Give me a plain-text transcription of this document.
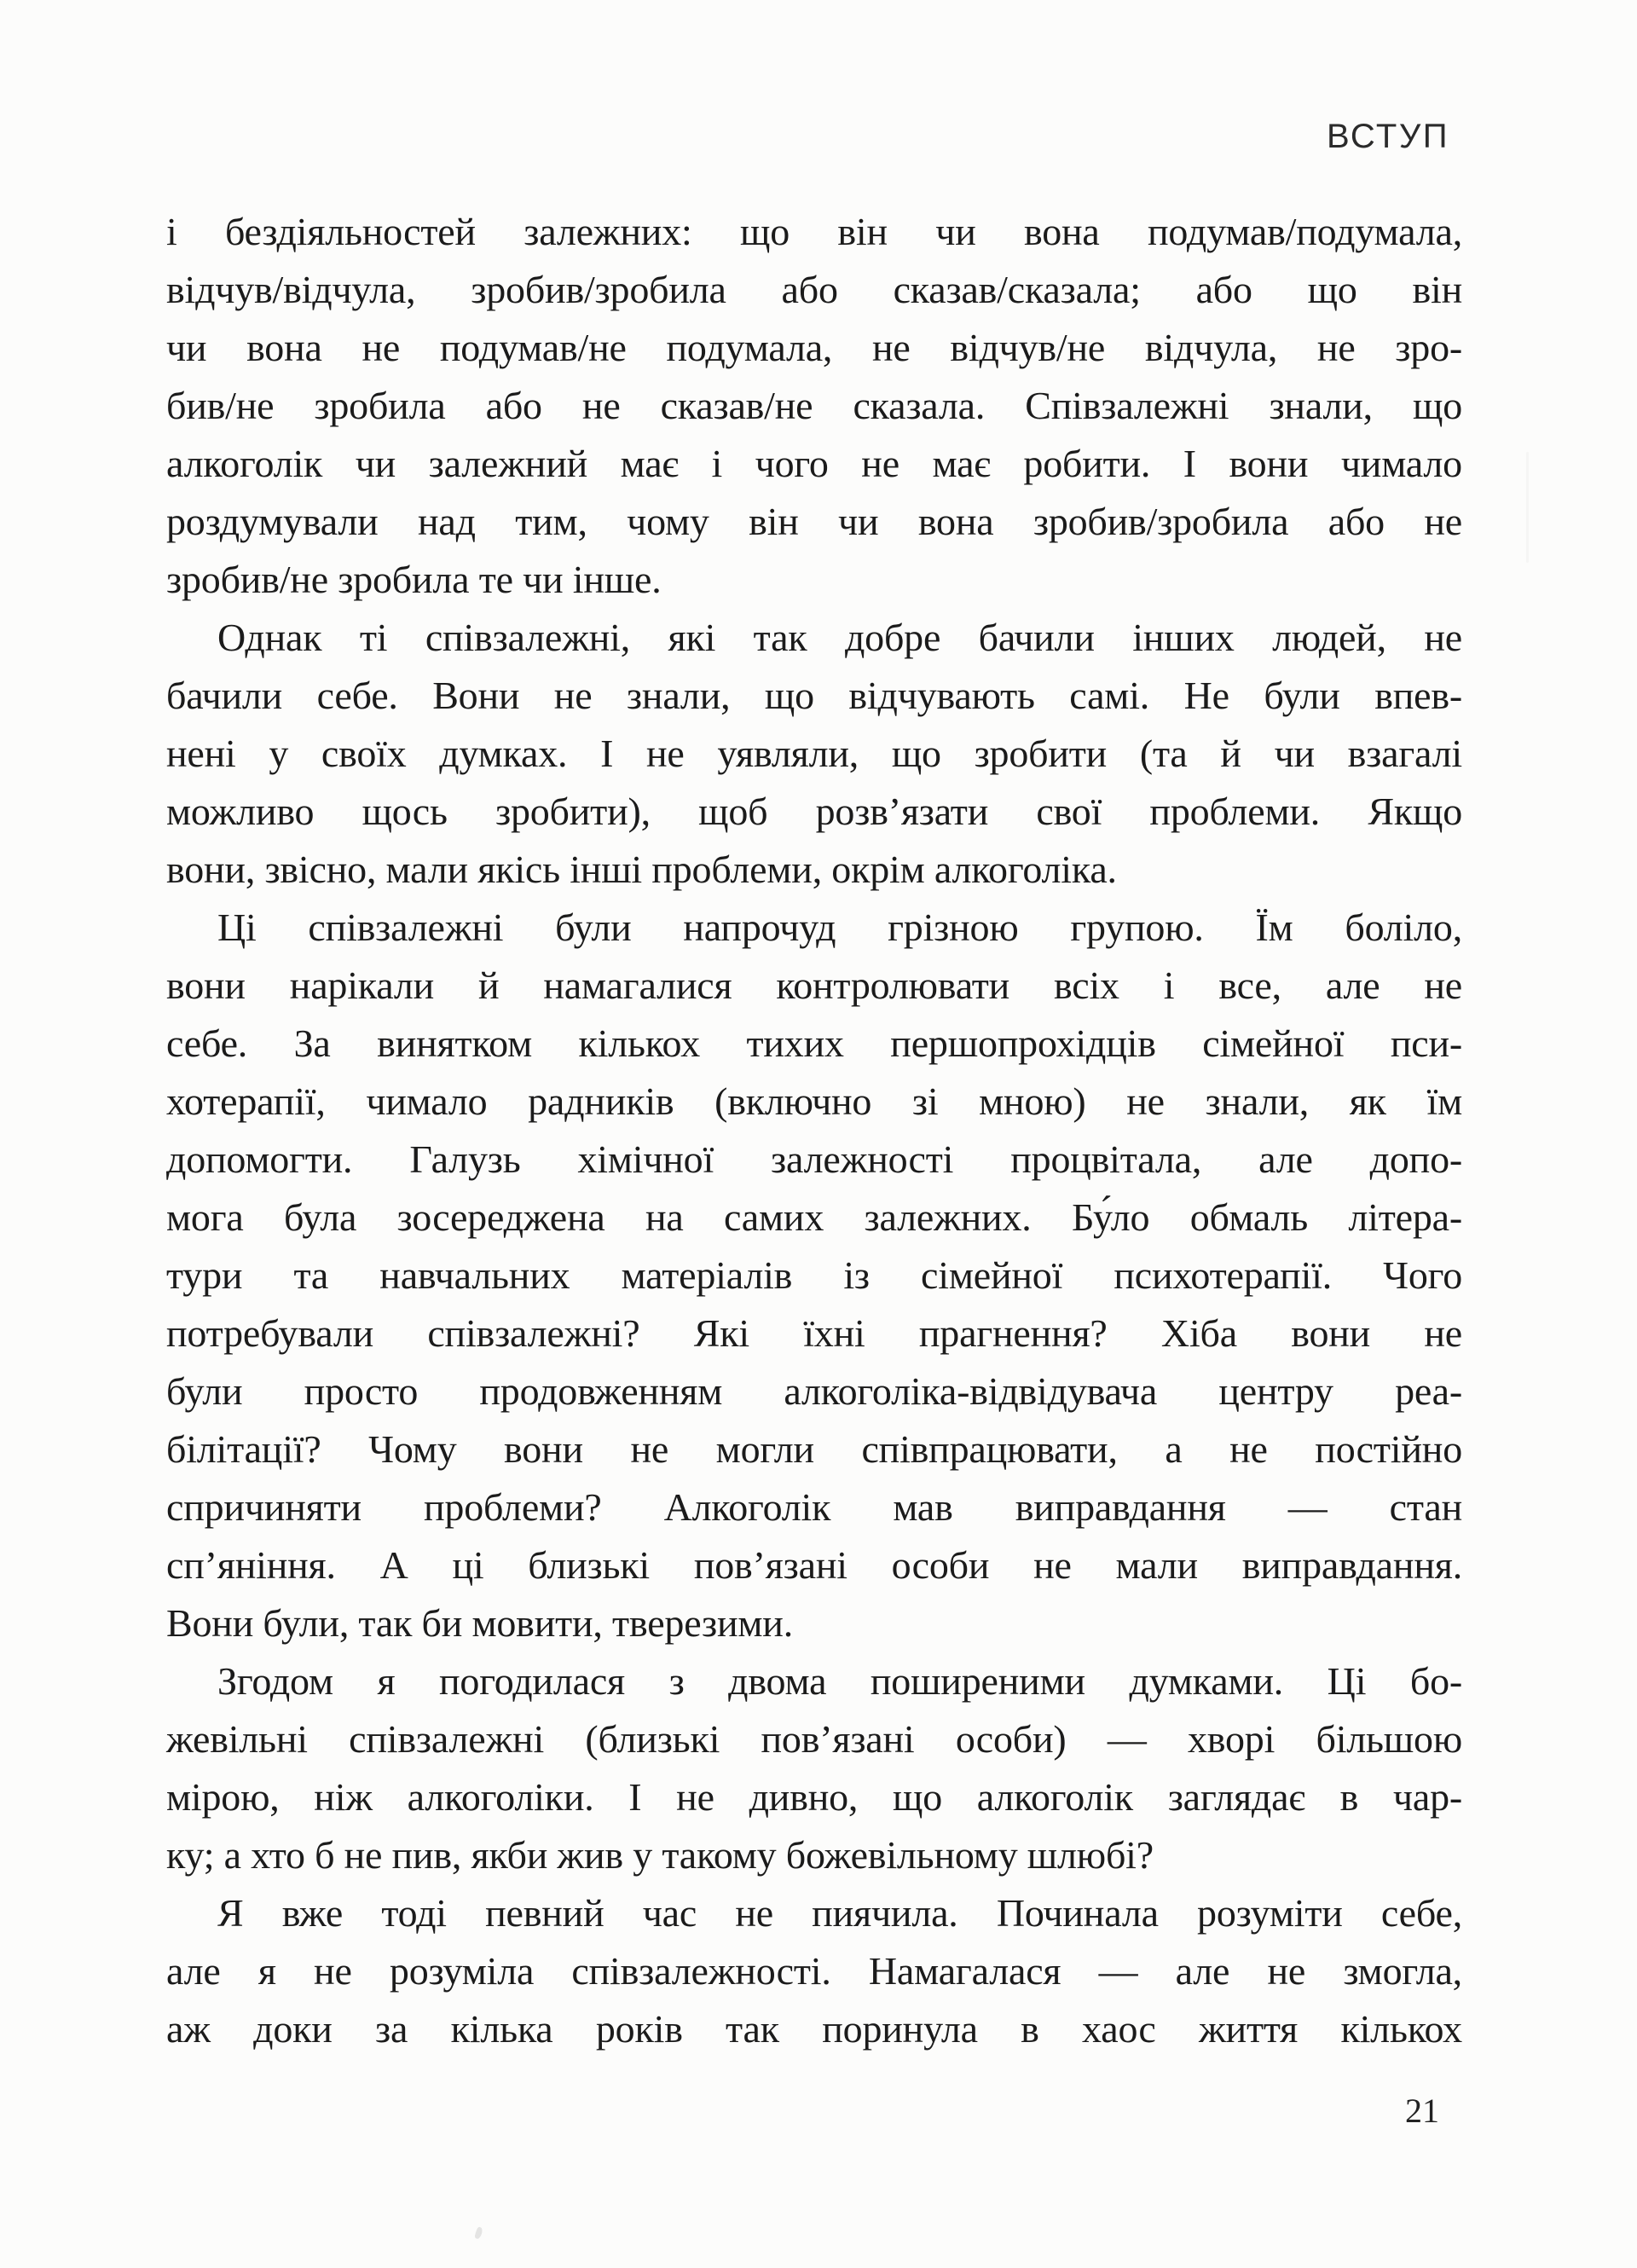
ВСТУП
і бездіяльностей залежних: що він чи вона подумав/подумала,
відчув/відчула, зробив/зробила або сказав/сказала; або що він
чи вона не подумав/не подумала, не відчув/не відчула, не зро-
бив/не зробила або не сказав/не сказала. Співзалежні знали, що
алкоголік чи залежний має і чого не має робити. І вони чимало
роздумували над тим, чому він чи вона зробив/зробила або не
зробив/не зробила те чи інше.
Однак ті співзалежні, які так добре бачили інших людей, не
бачили себе. Вони не знали, що відчувають самі. Не були впев-
нені у своїх думках. І не уявляли, що зробити (та й чи взагалі
можливо щось зробити), щоб розв’язати свої проблеми. Якщо
вони, звісно, мали якісь інші проблеми, окрім алкоголіка.
Ці співзалежні були напрочуд грізною групою. Їм боліло,
вони нарікали й намагалися контролювати всіх і все, але не
себе. За винятком кількох тихих першопрохідців сімейної пси-
хотерапії, чимало радників (включно зі мною) не знали, як їм
допомогти. Галузь хімічної залежності процвітала, але допо-
мога була зосереджена на самих залежних. Бу́ло обмаль літера-
тури та навчальних матеріалів із сімейної психотерапії. Чого
потребували співзалежні? Які їхні прагнення? Хіба вони не
були просто продовженням алкоголіка-відвідувача центру реа-
білітації? Чому вони не могли співпрацювати, а не постійно
спричиняти проблеми? Алкоголік мав виправдання — стан
сп’яніння. А ці близькі пов’язані особи не мали виправдання.
Вони були, так би мовити, тверезими.
Згодом я погодилася з двома поширеними думками. Ці бо-
жевільні співзалежні (близькі пов’язані особи) — хворі більшою
мірою, ніж алкоголіки. І не дивно, що алкоголік заглядає в чар-
ку; а хто б не пив, якби жив у такому божевільному шлюбі?
Я вже тоді певний час не пиячила. Починала розуміти себе,
але я не розуміла співзалежності. Намагалася — але не змогла,
аж доки за кілька років так поринула в хаос життя кількох
21
